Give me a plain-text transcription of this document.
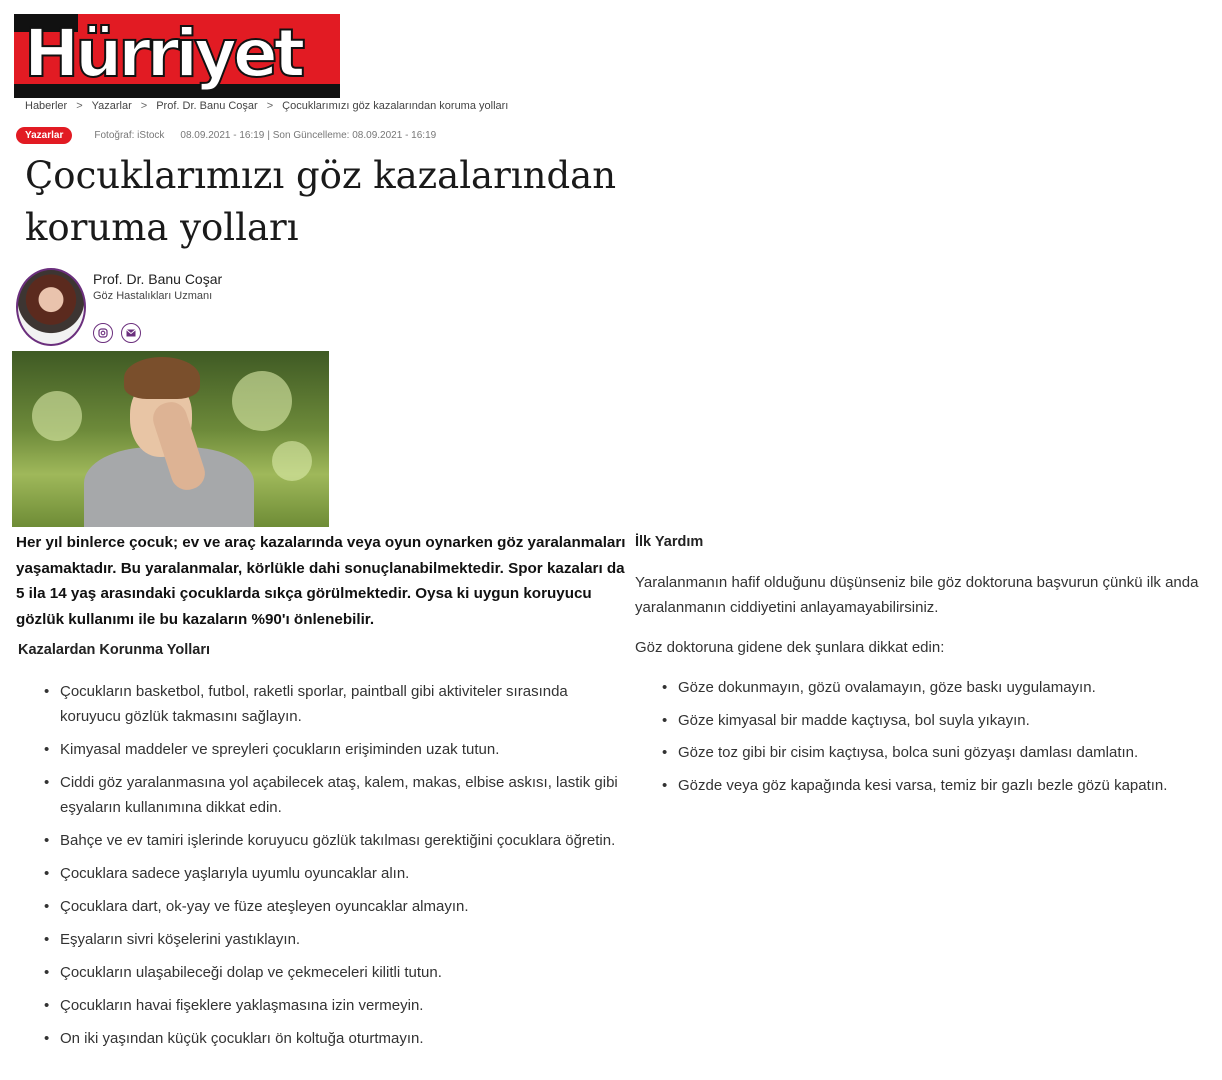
Hürriyet
Haberler > Yazarlar > Prof. Dr. Banu Coşar > Çocuklarımızı göz kazalarından koruma yolları
Yazarlar	Fotoğraf: iStock 08.09.2021 - 16:19 | Son Güncelleme: 08.09.2021 - 16:19
Çocuklarımızı göz kazalarından koruma yolları
Prof. Dr. Banu Coşar
Göz Hastalıkları Uzmanı

Her yıl binlerce çocuk; ev ve araç kazalarında veya oyun oynarken göz yaralanmaları yaşamaktadır. Bu yaralanmalar, körlükle dahi sonuçlanabilmektedir. Spor kazaları da 5 ila 14 yaş arasındaki çocuklarda sıkça görülmektedir. Oysa ki uygun koruyucu gözlük kullanımı ile bu kazaların %90'ı önlenebilir.

Kazalardan Korunma Yolları
• Çocukların basketbol, futbol, raketli sporlar, paintball gibi aktiviteler sırasında koruyucu gözlük takmasını sağlayın.
• Kimyasal maddeler ve spreyleri çocukların erişiminden uzak tutun.
• Ciddi göz yaralanmasına yol açabilecek ataş, kalem, makas, elbise askısı, lastik gibi eşyaların kullanımına dikkat edin.
• Bahçe ve ev tamiri işlerinde koruyucu gözlük takılması gerektiğini çocuklara öğretin.
• Çocuklara sadece yaşlarıyla uyumlu oyuncaklar alın.
• Çocuklara dart, ok-yay ve füze ateşleyen oyuncaklar almayın.
• Eşyaların sivri köşelerini yastıklayın.
• Çocukların ulaşabileceği dolap ve çekmeceleri kilitli tutun.
• Çocukların havai fişeklere yaklaşmasına izin vermeyin.
• On iki yaşından küçük çocukları ön koltuğa oturtmayın.
İlk Yardım

Yaralanmanın hafif olduğunu düşünseniz bile göz doktoruna başvurun çünkü ilk anda yaralanmanın ciddiyetini anlayamayabilirsiniz.

Göz doktoruna gidene dek şunlara dikkat edin:

• Göze dokunmayın, gözü ovalamayın, göze baskı uygulamayın.
• Göze kimyasal bir madde kaçtıysa, bol suyla yıkayın.
• Göze toz gibi bir cisim kaçtıysa, bolca suni gözyaşı damlası damlatın.
• Gözde veya göz kapağında kesi varsa, temiz bir gazlı bezle gözü kapatın.
